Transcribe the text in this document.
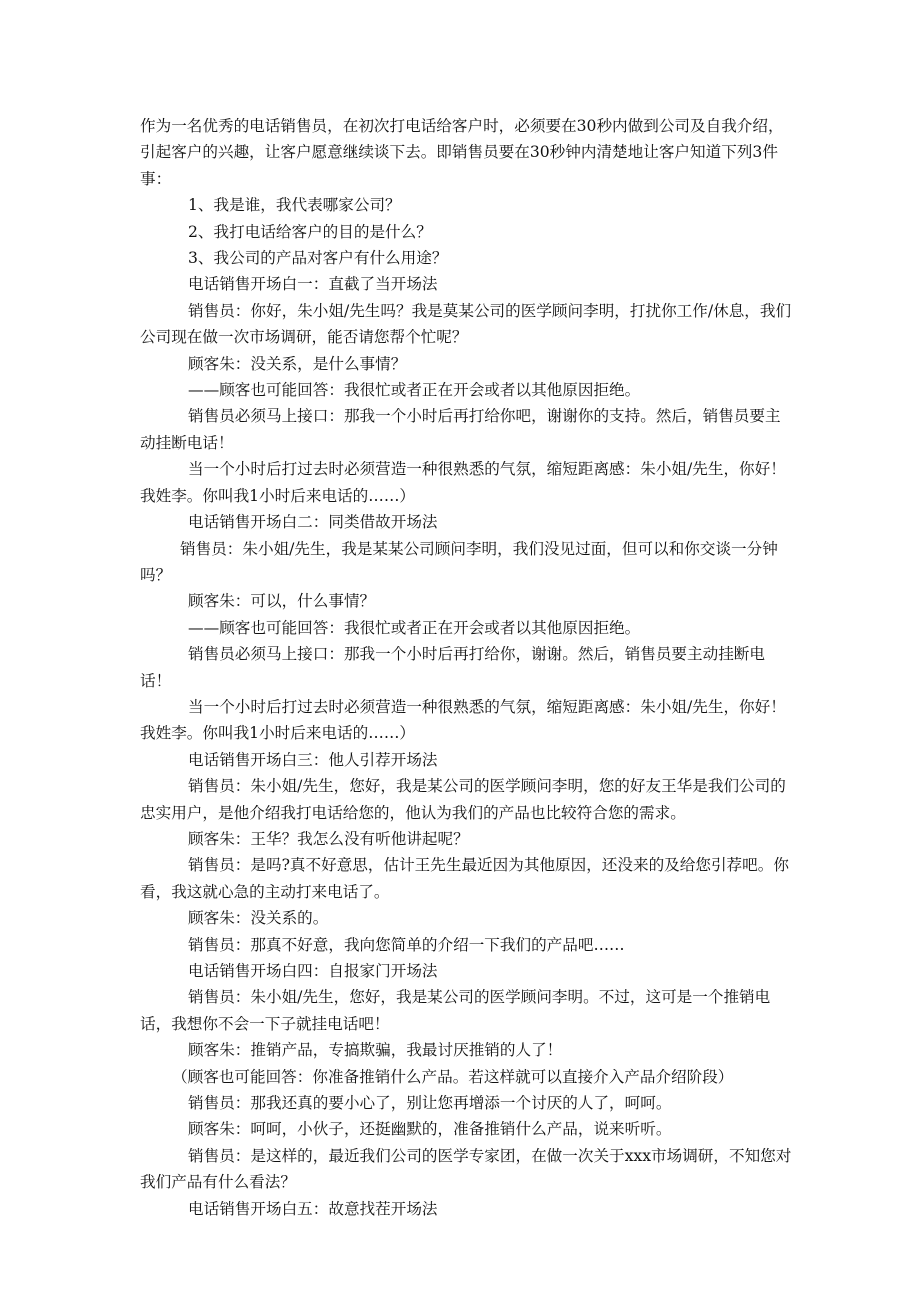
作为一名优秀的电话销售员，在初次打电话给客户时，必须要在30秒内做到公司及自我介绍，引起客户的兴趣，让客户愿意继续谈下去。即销售员要在30秒钟内清楚地让客户知道下列3件事：

1、我是谁，我代表哪家公司？

2、我打电话给客户的目的是什么？

3、我公司的产品对客户有什么用途？

电话销售开场白一：直截了当开场法

销售员：你好，朱小姐/先生吗？我是莫某公司的医学顾问李明，打扰你工作/休息，我们公司现在做一次市场调研，能否请您帮个忙呢？

顾客朱：没关系，是什么事情？

——顾客也可能回答：我很忙或者正在开会或者以其他原因拒绝。

销售员必须马上接口：那我一个小时后再打给你吧，谢谢你的支持。然后，销售员要主动挂断电话！

当一个小时后打过去时必须营造一种很熟悉的气氛，缩短距离感：朱小姐/先生，你好！我姓李。你叫我1小时后来电话的……）

电话销售开场白二：同类借故开场法

销售员：朱小姐/先生，我是某某公司顾问李明，我们没见过面，但可以和你交谈一分钟吗？

顾客朱：可以，什么事情？

——顾客也可能回答：我很忙或者正在开会或者以其他原因拒绝。

销售员必须马上接口：那我一个小时后再打给你，谢谢。然后，销售员要主动挂断电话！

当一个小时后打过去时必须营造一种很熟悉的气氛，缩短距离感：朱小姐/先生，你好！我姓李。你叫我1小时后来电话的……）

电话销售开场白三：他人引荐开场法

销售员：朱小姐/先生，您好，我是某公司的医学顾问李明，您的好友王华是我们公司的忠实用户，是他介绍我打电话给您的，他认为我们的产品也比较符合您的需求。

顾客朱：王华？我怎么没有听他讲起呢？

销售员：是吗?真不好意思，估计王先生最近因为其他原因，还没来的及给您引荐吧。你看，我这就心急的主动打来电话了。

顾客朱：没关系的。

销售员：那真不好意，我向您简单的介绍一下我们的产品吧……

电话销售开场白四：自报家门开场法

销售员：朱小姐/先生，您好，我是某公司的医学顾问李明。不过，这可是一个推销电话，我想你不会一下子就挂电话吧！

顾客朱：推销产品，专搞欺骗，我最讨厌推销的人了！

（顾客也可能回答：你准备推销什么产品。若这样就可以直接介入产品介绍阶段）

销售员：那我还真的要小心了，别让您再增添一个讨厌的人了，呵呵。

顾客朱：呵呵，小伙子，还挺幽默的，准备推销什么产品，说来听听。

销售员：是这样的，最近我们公司的医学专家团，在做一次关于xxx市场调研，不知您对我们产品有什么看法？

电话销售开场白五：故意找茬开场法
